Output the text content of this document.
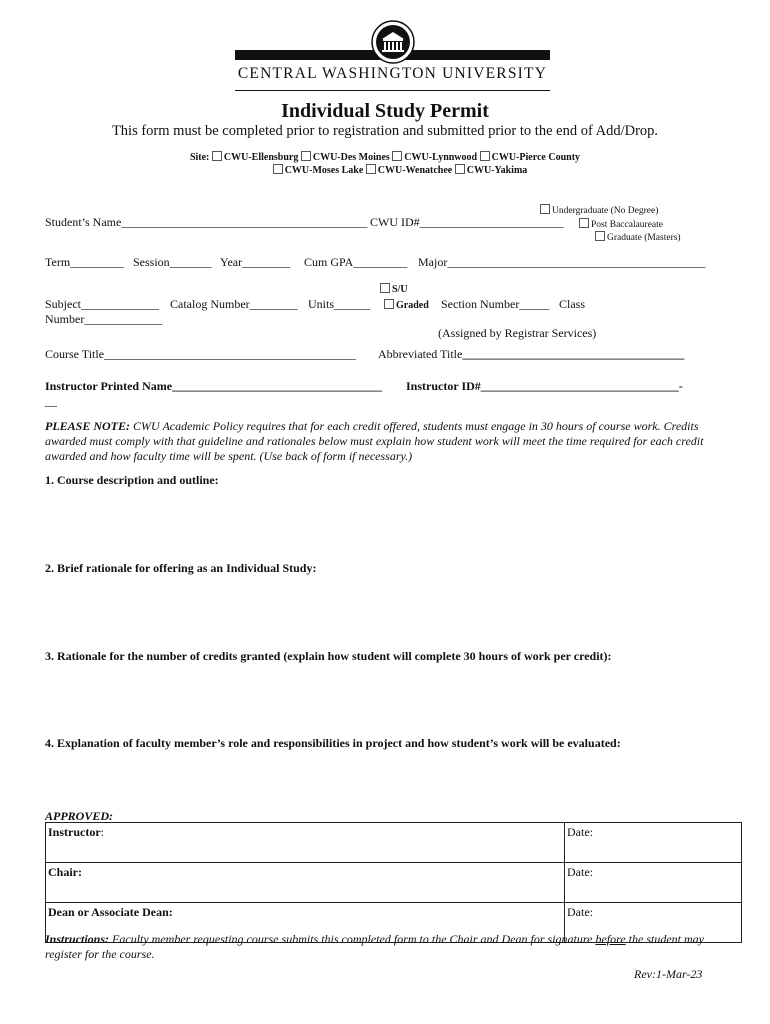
CENTRAL WASHINGTON UNIVERSITY
Individual Study Permit
This form must be completed prior to registration and submitted prior to the end of Add/Drop.
Site: CWU-Ellensburg CWU-Des Moines CWU-Lynnwood CWU-Pierce County
CWU-Moses Lake CWU-Wenatchee CWU-Yakima
Student’s Name_________________________________________ CWU ID#________________________
Undergraduate (No Degree)
Post Baccalaureate
Graduate (Masters)
Term_________ Session_______ Year________ Cum GPA_________ Major___________________________________________
S/U
Subject_____________ Catalog Number________ Units______	Graded Section Number_____ Class
Number_____________
(Assigned by Registrar Services)
Course Title__________________________________________ Abbreviated Title_____________________________________
Instructor Printed Name___________________________________ Instructor ID#_________________________________-
__
PLEASE NOTE: CWU Academic Policy requires that for each credit offered, students must engage in 30 hours of course work. Credits awarded must comply with that guideline and rationales below must explain how student work will meet the time required for each credit awarded and how faculty time will be spent. (Use back of form if necessary.)
1. Course description and outline:
2. Brief rationale for offering as an Individual Study:
3. Rationale for the number of credits granted (explain how student will complete 30 hours of work per credit):
4. Explanation of faculty member’s role and responsibilities in project and how student’s work will be evaluated:
APPROVED:
Instructor:	Date:
Chair:	Date:
Dean or Associate Dean:	Date:
Instructions: Faculty member requesting course submits this completed form to the Chair and Dean for signature before the student may register for the course.
Rev:1-Mar-23
